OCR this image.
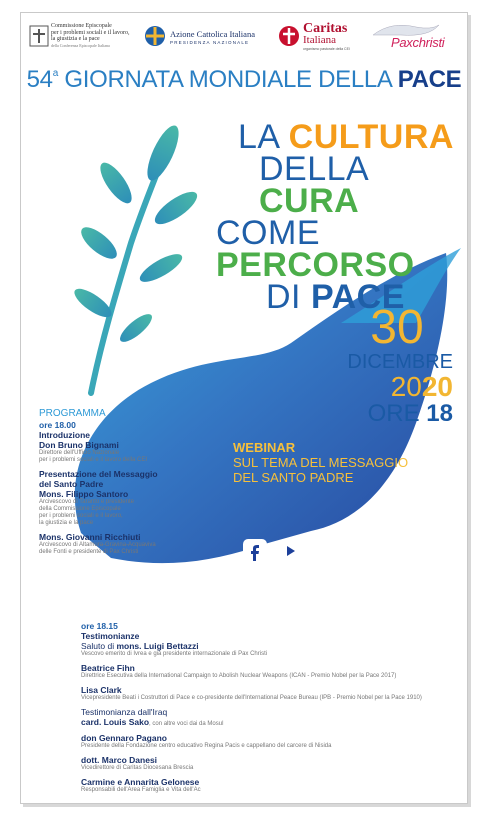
Commissione Episcopale
per i problemi sociali e il lavoro,
la giustizia e la pace
della Conferenza Episcopale Italiana
Azione Cattolica Italiana
PRESIDENZA NAZIONALE
Caritas
Italiana
organismo pastorale della CEI	Paxchristi
54$^a$ GIORNATA MONDIALE DELLA PACE
LA CULTURA
DELLA CURA
COME PERCORSO
DI PACE
30
DICEMBRE
2020
ORE 18
WEBINAR
SUL TEMA DEL MESSAGGIO
DEL SANTO PADRE
IN DIRETTA sulla pagina FACEBOOK
e sul canale YOUTUBE
PROGRAMMA
ore 18.00
Introduzione
Don Bruno Bignami
Direttore dell'Ufficio Nazionale
per i problemi sociali e il lavoro della CEI
Presentazione del Messaggio
del Santo Padre
Mons. Filippo Santoro
Arcivescovo di Taranto e presidente
della Commissione Episcopale
per i problemi sociali e il lavoro,
la giustizia e la pace
Mons. Giovanni Ricchiuti
Arcivescovo di Altamura-Gravina-Acquaviva
delle Fonti e presidente di Pax Christi
ore 18.15
Testimonianze
Saluto di mons. Luigi Bettazzi
Vescovo emerito di Ivrea e già presidente internazionale di Pax Christi
Beatrice Fihn
Direttrice Esecutiva della International Campaign to Abolish Nuclear Weapons (ICAN - Premio Nobel per la Pace 2017)
Lisa Clark
Vicepresidente Beati i Costruttori di Pace e co-presidente dell'International Peace Bureau (IPB - Premio Nobel per la Pace 1910)
Testimonianza dall'Iraq
card. Louis Sako, con altre voci dai da Mosul
don Gennaro Pagano
Presidente della Fondazione centro educativo Regina Pacis e cappellano del carcere di Nisida
dott. Marco Danesi
Vicedirettore di Caritas Diocesana Brescia
Carmine e Annarita Gelonese
Responsabili dell'Area Famiglia e Vita dell'Ac
